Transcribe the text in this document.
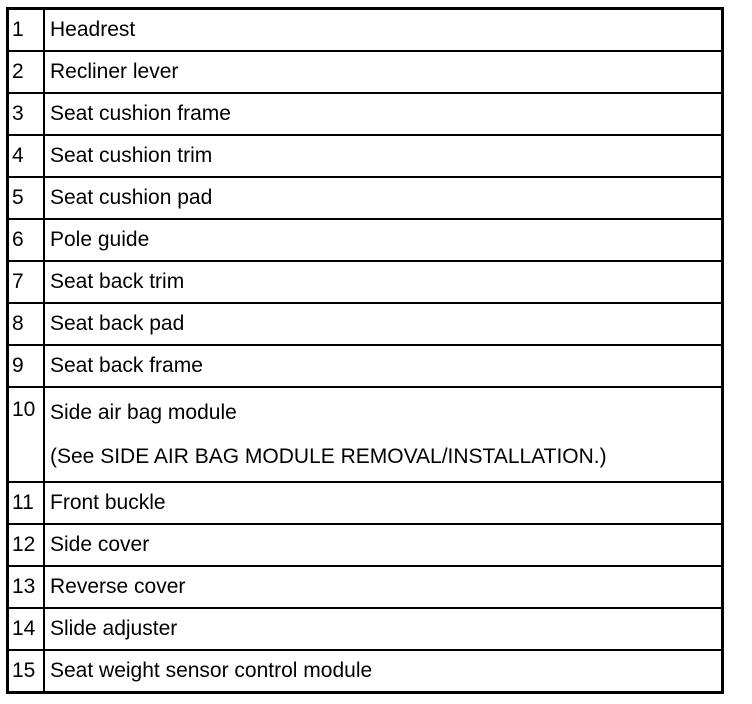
1	Headrest
2	Recliner lever
3	Seat cushion frame
4	Seat cushion trim
5	Seat cushion pad
6	Pole guide
7	Seat back trim
8	Seat back pad
9	Seat back frame
10	Side air bag module
(See SIDE AIR BAG MODULE REMOVAL/INSTALLATION.)

11	Front buckle
12	Side cover
13	Reverse cover
14	Slide adjuster
15	Seat weight sensor control module
